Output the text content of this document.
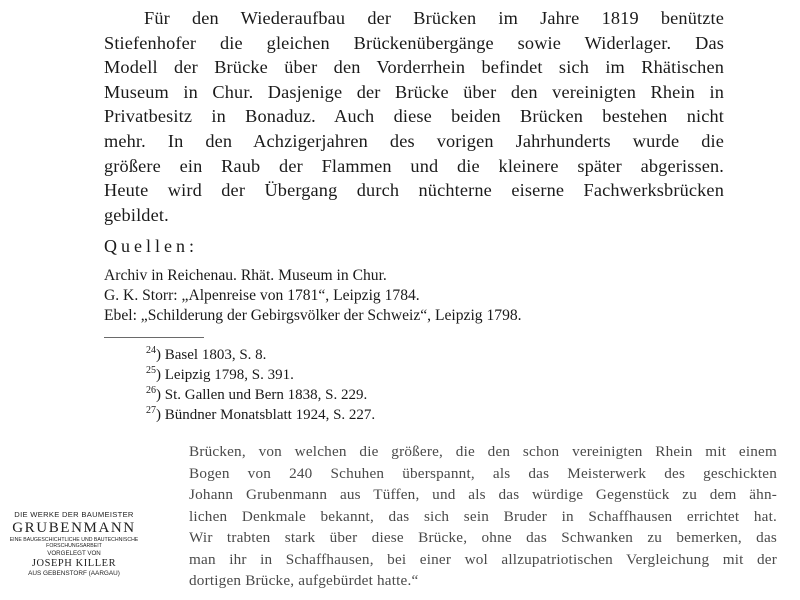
Für den Wiederaufbau der Brücken im Jahre 1819 benützte
Stiefenhofer die gleichen Brückenübergänge sowie Widerlager. Das
Modell der Brücke über den Vorderrhein befindet sich im Rhätischen
Museum in Chur. Dasjenige der Brücke über den vereinigten Rhein in
Privatbesitz in Bonaduz. Auch diese beiden Brücken bestehen nicht
mehr. In den Achzigerjahren des vorigen Jahrhunderts wurde die
größere ein Raub der Flammen und die kleinere später abgerissen.
Heute wird der Übergang durch nüchterne eiserne Fachwerksbrücken
gebildet.
Quellen:
Archiv in Reichenau. Rhät. Museum in Chur.
G. K. Storr: „Alpenreise von 1781“, Leipzig 1784.
Ebel: „Schilderung der Gebirgsvölker der Schweiz“, Leipzig 1798.
$^{24}$) Basel 1803, S. 8.
$^{25}$) Leipzig 1798, S. 391.
$^{26}$) St. Gallen und Bern 1838, S. 229.
$^{27}$) Bündner Monatsblatt 1924, S. 227.
Brücken, von welchen die größere, die den schon vereinigten Rhein mit einem
Bogen von 240 Schuhen überspannt, als das Meisterwerk des geschickten
Johann Grubenmann aus Tüffen, und als das würdige Gegenstück zu dem ähn-
lichen Denkmale bekannt, das sich sein Bruder in Schaffhausen errichtet hat.
Wir trabten stark über diese Brücke, ohne das Schwanken zu bemerken, das
man ihr in Schaffhausen, bei einer wol allzupatriotischen Vergleichung mit der
dortigen Brücke, aufgebürdet hatte.“
DIE WERKE DER BAUMEISTER
GRUBENMANN
EINE BAUGESCHICHTLICHE UND BAUTECHNISCHE
FORSCHUNGSARBEIT
VORGELEGT VON
JOSEPH KILLER
AUS GEBENSTORF (AARGAU)
